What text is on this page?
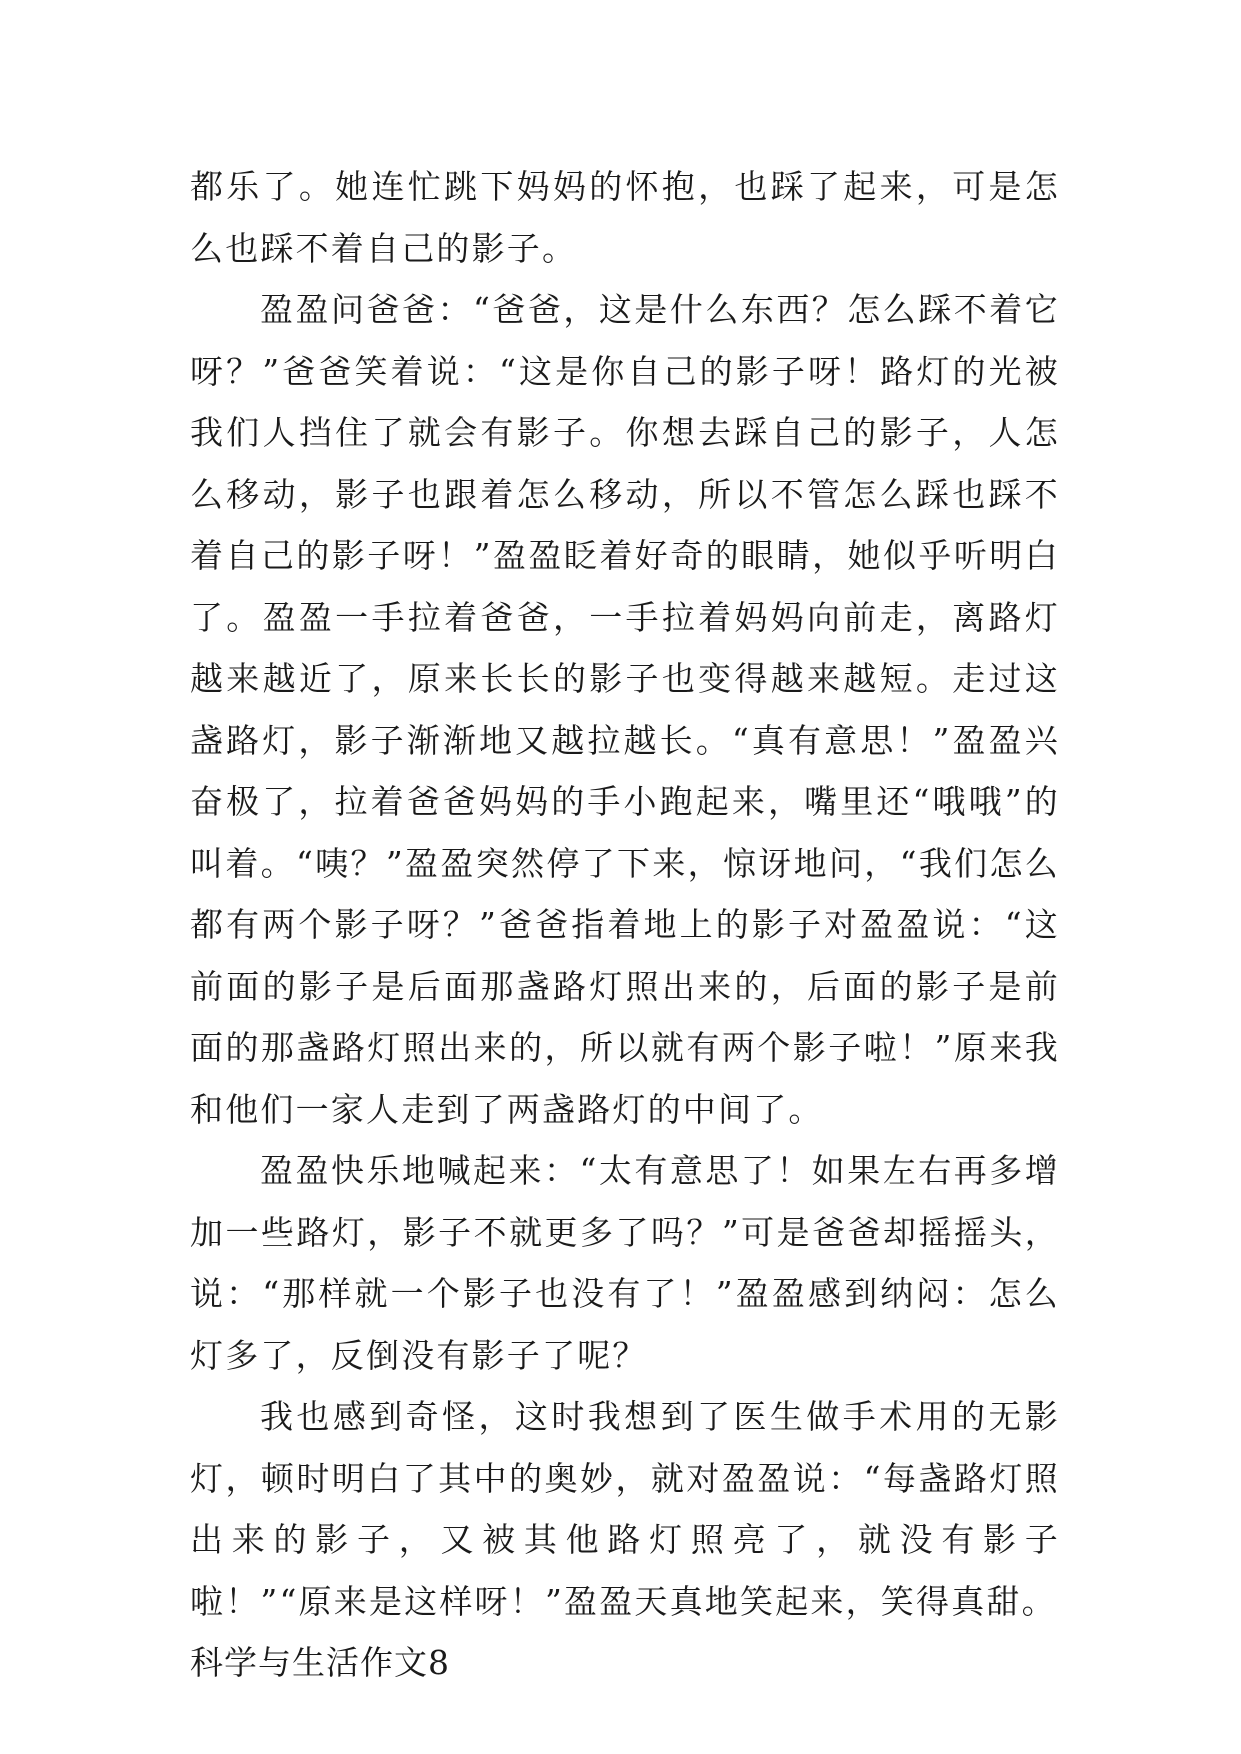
都乐了。她连忙跳下妈妈的怀抱，也踩了起来，可是怎么也踩不着自己的影子。

盈盈问爸爸：“爸爸，这是什么东西？怎么踩不着它呀？”爸爸笑着说：“这是你自己的影子呀！路灯的光被我们人挡住了就会有影子。你想去踩自己的影子，人怎么移动，影子也跟着怎么移动，所以不管怎么踩也踩不着自己的影子呀！”盈盈眨着好奇的眼睛，她似乎听明白了。盈盈一手拉着爸爸，一手拉着妈妈向前走，离路灯越来越近了，原来长长的影子也变得越来越短。走过这盏路灯，影子渐渐地又越拉越长。“真有意思！”盈盈兴奋极了，拉着爸爸妈妈的手小跑起来，嘴里还“哦哦”的叫着。“咦？”盈盈突然停了下来，惊讶地问，“我们怎么都有两个影子呀？”爸爸指着地上的影子对盈盈说：“这前面的影子是后面那盏路灯照出来的，后面的影子是前面的那盏路灯照出来的，所以就有两个影子啦！”原来我和他们一家人走到了两盏路灯的中间了。

盈盈快乐地喊起来：“太有意思了！如果左右再多增加一些路灯，影子不就更多了吗？”可是爸爸却摇摇头，说：“那样就一个影子也没有了！”盈盈感到纳闷：怎么灯多了，反倒没有影子了呢？

我也感到奇怪，这时我想到了医生做手术用的无影灯，顿时明白了其中的奥妙，就对盈盈说：“每盏路灯照出来的影子，又被其他路灯照亮了，就没有影子啦！”“原来是这样呀！”盈盈天真地笑起来，笑得真甜。

科学与生活作文8
